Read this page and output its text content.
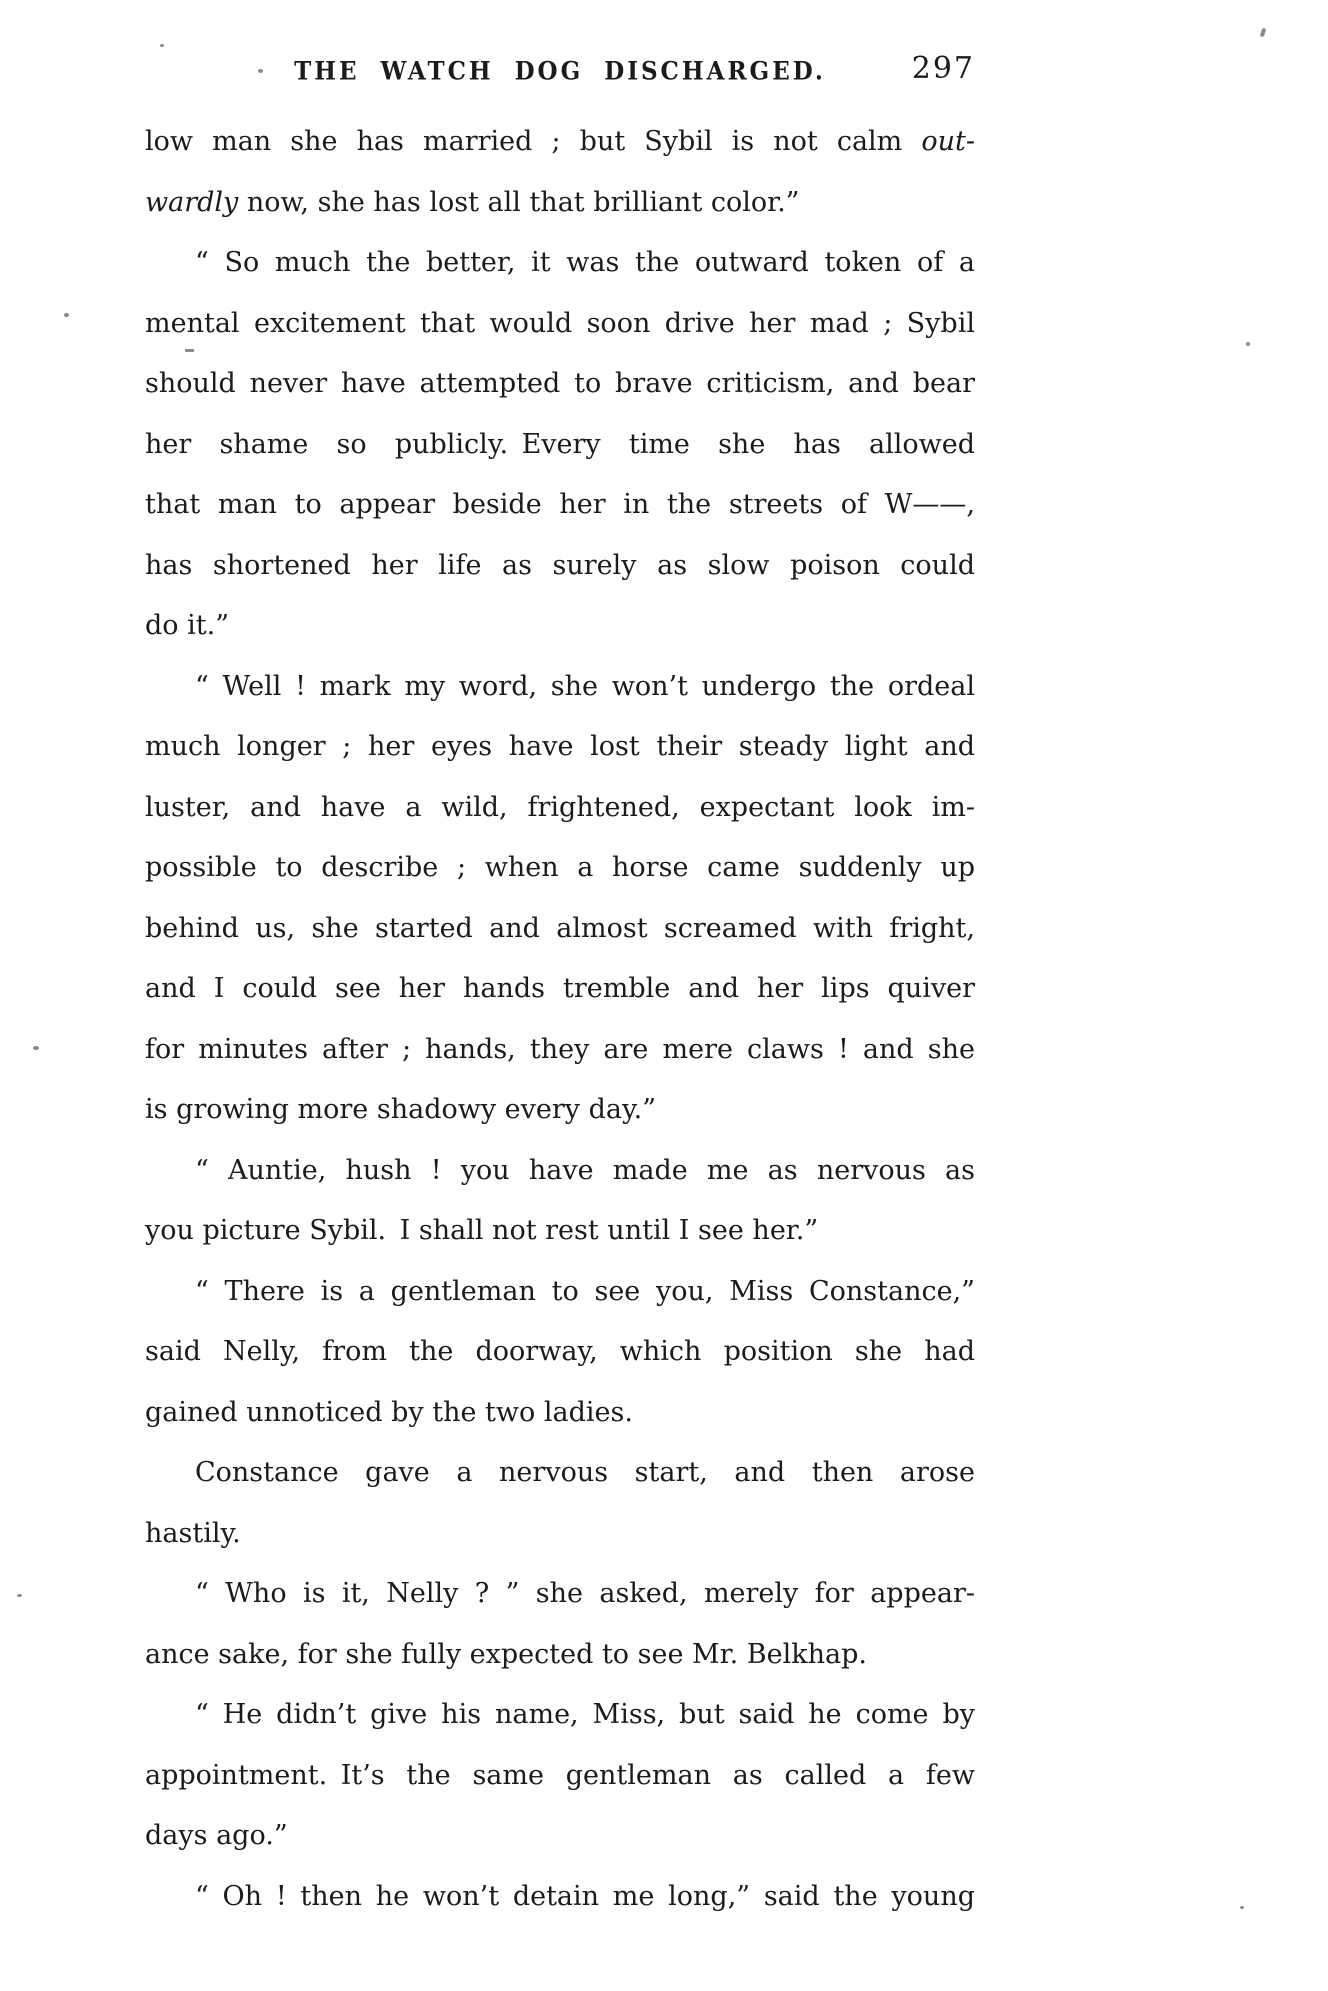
THE WATCH DOG DISCHARGED.	297
low man she has married ; but Sybil is not calm out-
wardly now, she has lost all that brilliant color.”
“ So much the better, it was the outward token of a
mental excitement that would soon drive her mad ; Sybil
should never have attempted to brave criticism, and bear
her shame so publicly. Every time she has allowed
that man to appear beside her in the streets of W——,
has shortened her life as surely as slow poison could
do it.”
“ Well ! mark my word, she won’t undergo the ordeal
much longer ; her eyes have lost their steady light and
luster, and have a wild, frightened, expectant look im-
possible to describe ; when a horse came suddenly up
behind us, she started and almost screamed with fright,
and I could see her hands tremble and her lips quiver
for minutes after ; hands, they are mere claws ! and she
is growing more shadowy every day.”
“ Auntie, hush ! you have made me as nervous as
you picture Sybil. I shall not rest until I see her.”
“ There is a gentleman to see you, Miss Constance,”
said Nelly, from the doorway, which position she had
gained unnoticed by the two ladies.
Constance gave a nervous start, and then arose
hastily.
“ Who is it, Nelly ? ” she asked, merely for appear-
ance sake, for she fully expected to see Mr. Belkhap.
“ He didn’t give his name, Miss, but said he come by
appointment. It’s the same gentleman as called a few
days ago.”
“ Oh ! then he won’t detain me long,” said the young
